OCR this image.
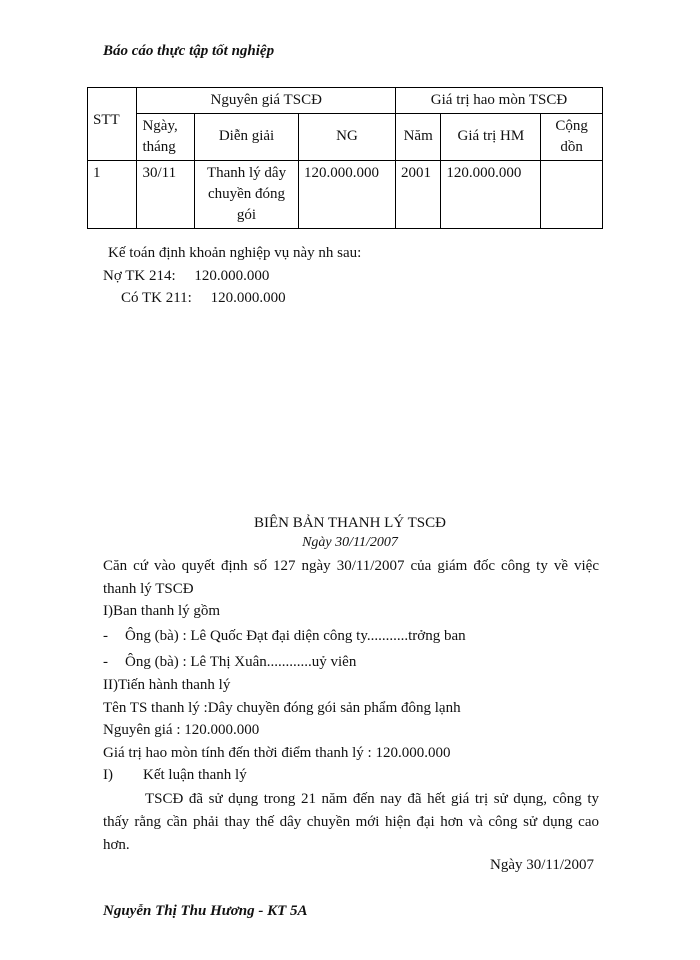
Báo cáo thực tập tốt nghiệp
STT	Nguyên giá TSCĐ			Giá trị hao mòn TSCĐ		
	Ngày, tháng	Diễn giải	NG	Năm	Giá trị HM	Cộng dồn
1	30/11	Thanh lý dây chuyền đóng gói	120.000.000	2001	120.000.000	
Kế toán định khoản nghiệp vụ này nh sau:
Nợ TK 214:     120.000.000
Có TK 211:     120.000.000
BIÊN BẢN THANH LÝ TSCĐ
Ngày 30/11/2007
Căn cứ vào quyết định số 127 ngày 30/11/2007 của giám đốc công ty về việc thanh lý TSCĐ
I)Ban thanh lý gồm
- Ông (bà) : Lê Quốc Đạt đại diện công ty...........trởng ban
- Ông (bà) : Lê Thị Xuân............uỷ viên
II)Tiến hành thanh lý
Tên TS thanh lý :Dây chuyền đóng gói sản phẩm đông lạnh
Nguyên giá : 120.000.000
Giá trị hao mòn tính đến thời điểm thanh lý : 120.000.000
I) Kết luận thanh lý
TSCĐ đã sử dụng trong 21 năm đến nay đã hết giá trị sử dụng, công ty thấy rằng cần phải thay thế dây chuyền mới hiện đại hơn và công sử dụng cao hơn.
Ngày 30/11/2007
Nguyễn Thị Thu Hương - KT 5A
